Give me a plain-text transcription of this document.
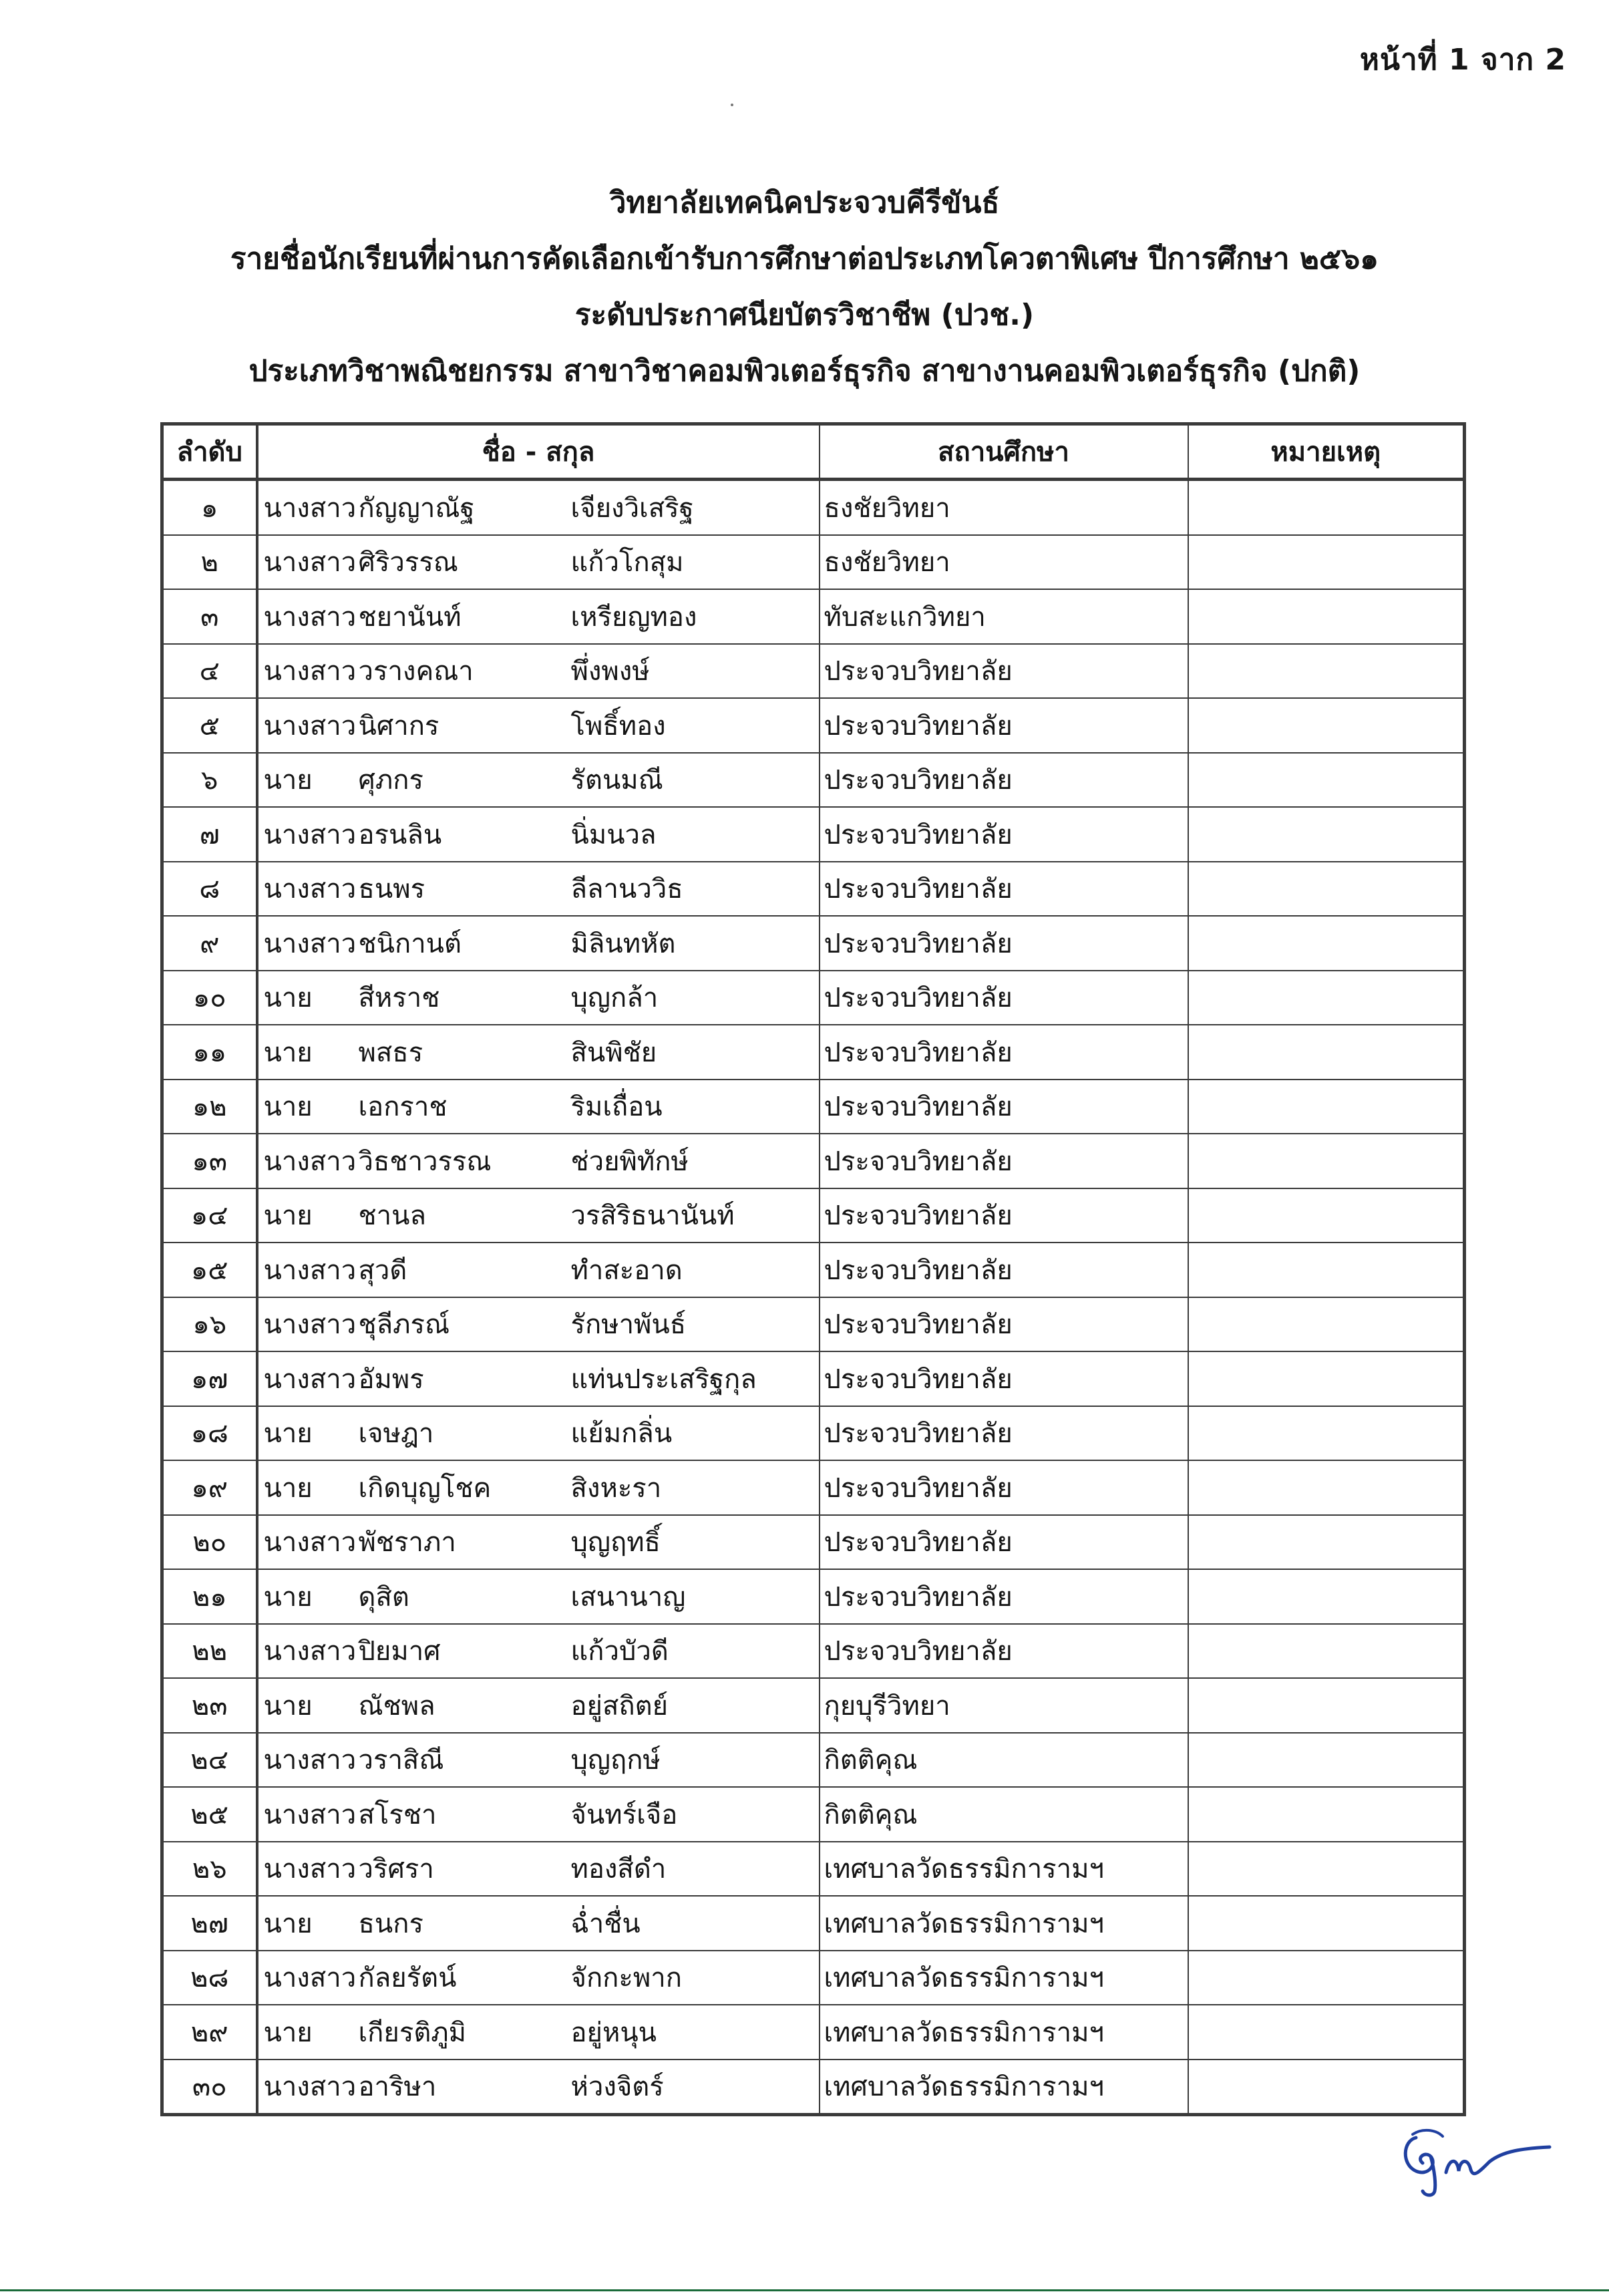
หน้าที่ 1 จาก 2
วิทยาลัยเทคนิคประจวบคีรีขันธ์
รายชื่อนักเรียนที่ผ่านการคัดเลือกเข้ารับการศึกษาต่อประเภทโควตาพิเศษ ปีการศึกษา ๒๕๖๑
ระดับประกาศนียบัตรวิชาชีพ (ปวช.)
ประเภทวิชาพณิชยกรรม สาขาวิชาคอมพิวเตอร์ธุรกิจ สาขางานคอมพิวเตอร์ธุรกิจ (ปกติ)
ลำดับ	ชื่อ - สกุล	สถานศึกษา	หมายเหตุ
๑	นางสาวกัญญาณัฐ เจียงวิเสริฐ	ธงชัยวิทยา	
๒	นางสาวศิริวรรณ แก้วโกสุม	ธงชัยวิทยา	
๓	นางสาวชยานันท์ เหรียญทอง	ทับสะแกวิทยา	
๔	นางสาววรางคณา พึ่งพงษ์	ประจวบวิทยาลัย	
๕	นางสาวนิศากร โพธิ์ทอง	ประจวบวิทยาลัย	
๖	นาย ศุภกร รัตนมณี	ประจวบวิทยาลัย	
๗	นางสาวอรนลิน นิ่มนวล	ประจวบวิทยาลัย	
๘	นางสาวธนพร ลีลานววิธ	ประจวบวิทยาลัย	
๙	นางสาวชนิกานต์ มิลินทหัต	ประจวบวิทยาลัย	
๑๐	นาย สีหราช บุญกล้า	ประจวบวิทยาลัย	
๑๑	นาย พสธร สินพิชัย	ประจวบวิทยาลัย	
๑๒	นาย เอกราช ริมเถื่อน	ประจวบวิทยาลัย	
๑๓	นางสาววิธชาวรรณ ช่วยพิทักษ์	ประจวบวิทยาลัย	
๑๔	นาย ชานล วรสิริธนานันท์	ประจวบวิทยาลัย	
๑๕	นางสาวสุวดี ทำสะอาด	ประจวบวิทยาลัย	
๑๖	นางสาวชุลีภรณ์ รักษาพันธ์	ประจวบวิทยาลัย	
๑๗	นางสาวอัมพร แท่นประเสริฐกุล	ประจวบวิทยาลัย	
๑๘	นาย เจษฎา แย้มกลิ่น	ประจวบวิทยาลัย	
๑๙	นาย เกิดบุญโชค สิงหะรา	ประจวบวิทยาลัย	
๒๐	นางสาวพัชราภา บุญฤทธิ์	ประจวบวิทยาลัย	
๒๑	นาย ดุสิต เสนานาญ	ประจวบวิทยาลัย	
๒๒	นางสาวปิยมาศ แก้วบัวดี	ประจวบวิทยาลัย	
๒๓	นาย ณัชพล อยู่สถิตย์	กุยบุรีวิทยา	
๒๔	นางสาววราสิณี บุญฤกษ์	กิตติคุณ	
๒๕	นางสาวสโรชา จันทร์เจือ	กิตติคุณ	
๒๖	นางสาววริศรา ทองสีดำ	เทศบาลวัดธรรมิการามฯ	
๒๗	นาย ธนกร ฉ่ำชื่น	เทศบาลวัดธรรมิการามฯ	
๒๘	นางสาวกัลยรัตน์ จักกะพาก	เทศบาลวัดธรรมิการามฯ	
๒๙	นาย เกียรติภูมิ อยู่หนุน	เทศบาลวัดธรรมิการามฯ	
๓๐	นางสาวอาริษา ห่วงจิตร์	เทศบาลวัดธรรมิการามฯ	
